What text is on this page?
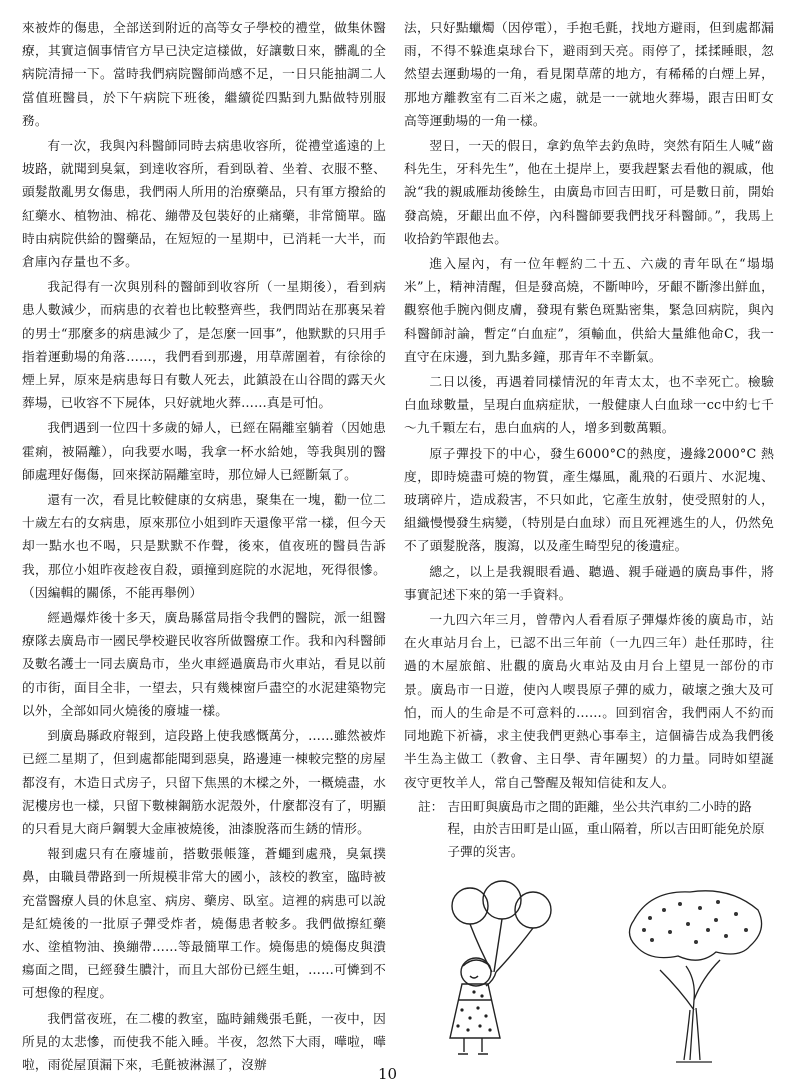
來被炸的傷患，全部送到附近的高等女子學校的禮堂，做集休醫療，其實這個事情官方早已決定這樣做，好讓數日來，髒亂的全病院清掃一下。當時我們病院醫師尚感不足，一日只能抽調二人當值班醫員，於下午病院下班後，繼續從四點到九點做特別服務。

有一次，我與內科醫師同時去病患收容所，從禮堂遙遠的上坡路，就聞到臭氣，到達收容所，看到臥着、坐着、衣服不整、頭髮散亂男女傷患，我們兩人所用的治療藥品，只有軍方撥給的紅藥水、植物油、棉花、繃帶及包裝好的止痛藥，非常簡單。臨時由病院供給的醫藥品，在短短的一星期中，已消耗一大半，而倉庫內存量也不多。

我記得有一次與別科的醫師到收容所（一星期後），看到病患人數減少，而病患的衣着也比較整齊些，我們問站在那裏呆着的男士“那麼多的病患減少了，是怎麼一回事”，他默默的只用手指着運動場的角落……，我們看到那邊，用草蓆圍着，有徐徐的煙上昇，原來是病患每日有數人死去，此鎮設在山谷間的露天火葬場，已收容不下屍体，只好就地火葬……真是可怕。

我們遇到一位四十多歲的婦人，已經在隔離室躺着（因她患霍痢，被隔離），向我要水喝，我拿一杯水給她，等我與別的醫師處理好傷傷，回來探訪隔離室時，那位婦人已經斷氣了。

還有一次，看見比較健康的女病患，聚集在一塊，勸一位二十歲左右的女病患，原來那位小姐到昨天還像平常一樣，但今天却一點水也不喝，只是默默不作聲，後來，值夜班的醫員告訴我，那位小姐昨夜趁夜自殺，頭撞到庭院的水泥地，死得很慘。（因編輯的關係，不能再舉例）

經過爆炸後十多天，廣島縣當局指令我們的醫院，派一組醫療隊去廣島市一國民學校避民收容所做醫療工作。我和內科醫師及數名護士一同去廣島市，坐火車經過廣島市火車站，看見以前的市街，面目全非，一望去，只有幾棟窗戶盡空的水泥建築物完以外，全部如同火燒後的廢墟一樣。

到廣島縣政府報到，這段路上使我感慨萬分，……雖然被炸已經二星期了，但到處都能聞到惡臭，路邊連一棟較完整的房屋都沒有，木造日式房子，只留下焦黑的木樑之外，一概燒盡，水泥樓房也一樣，只留下數棟鋼筋水泥殼外，什麼都沒有了，明顯的只看見大商戶鋼製大金庫被燒後，油漆脫落而生銹的情形。

報到處只有在廢墟前，搭數張帳篷，蒼蠅到處飛，臭氣撲鼻，由職員帶路到一所規模非常大的國小，該校的教室，臨時被充當醫療人員的休息室、病房、藥房、臥室。這裡的病患可以說是紅燒後的一批原子彈受炸者，燒傷患者較多。我們做擦紅藥水、塗植物油、換繃帶……等最簡單工作。燒傷患的燒傷皮與潰瘍面之間，已經發生膿汁，而且大部份已經生蛆，……可憐到不可想像的程度。

我們當夜班，在二樓的教室，臨時鋪幾張毛氈，一夜中，因所見的太悲慘，而使我不能入睡。半夜，忽然下大雨，嘩啦，嘩啦，雨從屋頂漏下來，毛氈被淋濕了，沒辦

法，只好點蠟燭（因停電），手抱毛氈，找地方避雨，但到處都漏雨，不得不躲進桌球台下，避雨到天亮。雨停了，揉揉睡眼，忽然望去運動場的一角，看見閑草蓆的地方，有稀稀的白煙上昇，那地方離教室有二百米之處，就是一一就地火葬場，跟吉田町女高等運動場的一角一樣。

翌日，一天的假日，拿釣魚竿去釣魚時，突然有陌生人喊“齒科先生，牙科先生”，他在土提岸上，要我趕緊去看他的親戚，他說“我的親戚雁劫後餘生，由廣島市回吉田町，可是數日前，開始發高燒，牙齦出血不停，內科醫師要我們找牙科醫師。”，我馬上收拾釣竿跟他去。

進入屋內，有一位年輕約二十五、六歲的青年臥在“塌塌米”上，精神清醒，但是發高燒，不斷呻吟，牙齦不斷滲出鮮血，觀察他手腕內側皮膚，發現有紫色斑點密集，緊急回病院，與內科醫師討論，暫定“白血症”，須輸血，供給大量維他命C，我一直守在床邊，到九點多鐘，那青年不幸斷氣。

二日以後，再遇着同樣情況的年青太太，也不幸死亡。檢驗白血球數量，呈現白血病症狀，一般健康人白血球一cc中約七千～九千顆左右，患白血病的人，增多到數萬顆。

原子彈投下的中心，發生6000°C的熱度，邊緣2000°C 熱度，即時燒盡可燒的物質，產生爆風，亂飛的石頭片、水泥塊、玻璃碎片，造成殺害，不只如此，它產生放射，使受照射的人，組織慢慢發生病變，（特別是白血球）而且死裡逃生的人，仍然免不了頭髮脫落，腹瀉，以及產生畸型兒的後遺症。

總之，以上是我親眼看過、聽過、親手碰過的廣島事件，將事實記述下來的第一手資料。

一九四六年三月，曾帶內人看看原子彈爆炸後的廣島市，站在火車站月台上，已認不出三年前（一九四三年）赴任那時，往過的木屋旅館、壯觀的廣島火車站及由月台上望見一部份的市景。廣島市一日遊，使內人喫畏原子彈的威力，破壞之強大及可怕，而人的生命是不可意料的……。回到宿舍，我們兩人不約而同地跪下祈禱，求主使我們更熱心事奉主，這個禱告成為我們後半生為主做工（教會、主日學、青年團契）的力量。同時如望誕夜守更牧羊人，常自己警醒及報知信徒和友人。

註： 吉田町與廣島市之間的距離，坐公共汽車約二小時的路程，由於吉田町是山區，重山隔着，所以吉田町能免於原子彈的災害。
10
